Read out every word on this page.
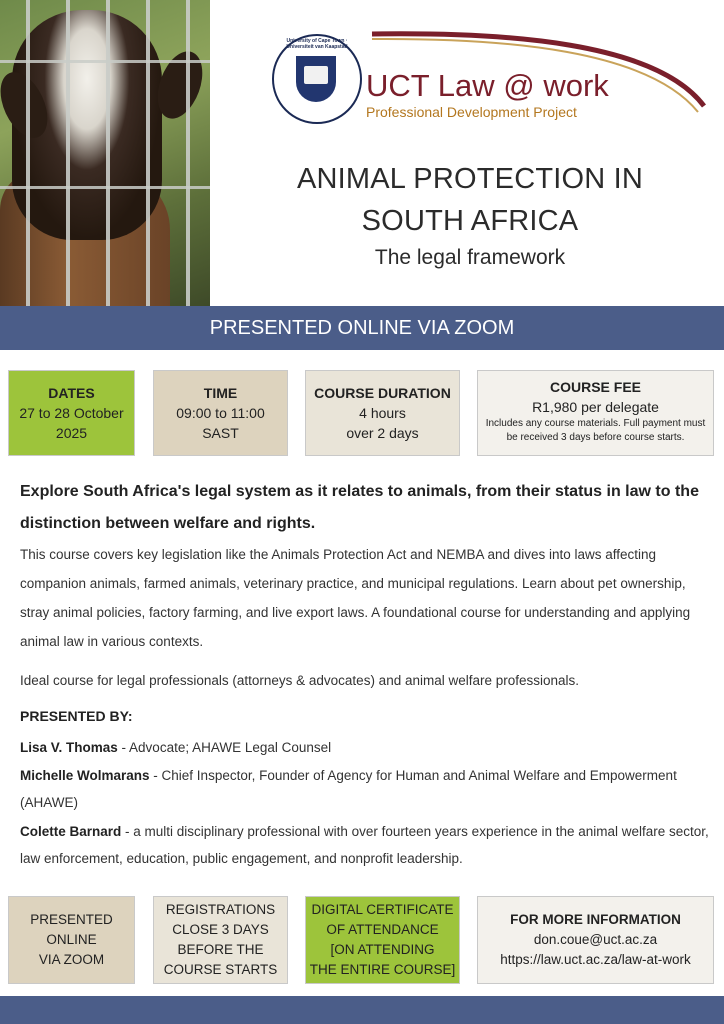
University of Cape Town · Universiteit van Kaapstad
UCT Law @ work
Professional Development Project
ANIMAL PROTECTION IN
SOUTH AFRICA
The legal framework
PRESENTED ONLINE VIA ZOOM
DATES
27 to 28 October
2025
TIME
09:00 to 11:00
SAST
COURSE DURATION
4 hours
over 2 days
COURSE FEE
R1,980 per delegate
Includes any course materials. Full payment must be received 3 days before course starts.
Explore South Africa's legal system as it relates to animals, from their status in law to the distinction between welfare and rights.
This course covers key legislation like the Animals Protection Act and NEMBA and dives into laws affecting companion animals, farmed animals, veterinary practice, and municipal regulations. Learn about pet ownership, stray animal policies, factory farming, and live export laws. A foundational course for understanding and applying animal law in various contexts.
Ideal course for legal professionals (attorneys & advocates) and animal welfare professionals.
PRESENTED BY:
Lisa V. Thomas - Advocate; AHAWE Legal Counsel
Michelle Wolmarans - Chief Inspector, Founder of Agency for Human and Animal Welfare and Empowerment (AHAWE)
Colette Barnard - a multi disciplinary professional with over fourteen years experience in the animal welfare sector, law enforcement, education, public engagement, and nonprofit leadership.
PRESENTED
ONLINE
VIA ZOOM
REGISTRATIONS
CLOSE 3 DAYS
BEFORE THE
COURSE STARTS
DIGITAL CERTIFICATE
OF ATTENDANCE
[ON ATTENDING
THE ENTIRE COURSE]
FOR MORE INFORMATION
don.coue@uct.ac.za
https://law.uct.ac.za/law-at-work
